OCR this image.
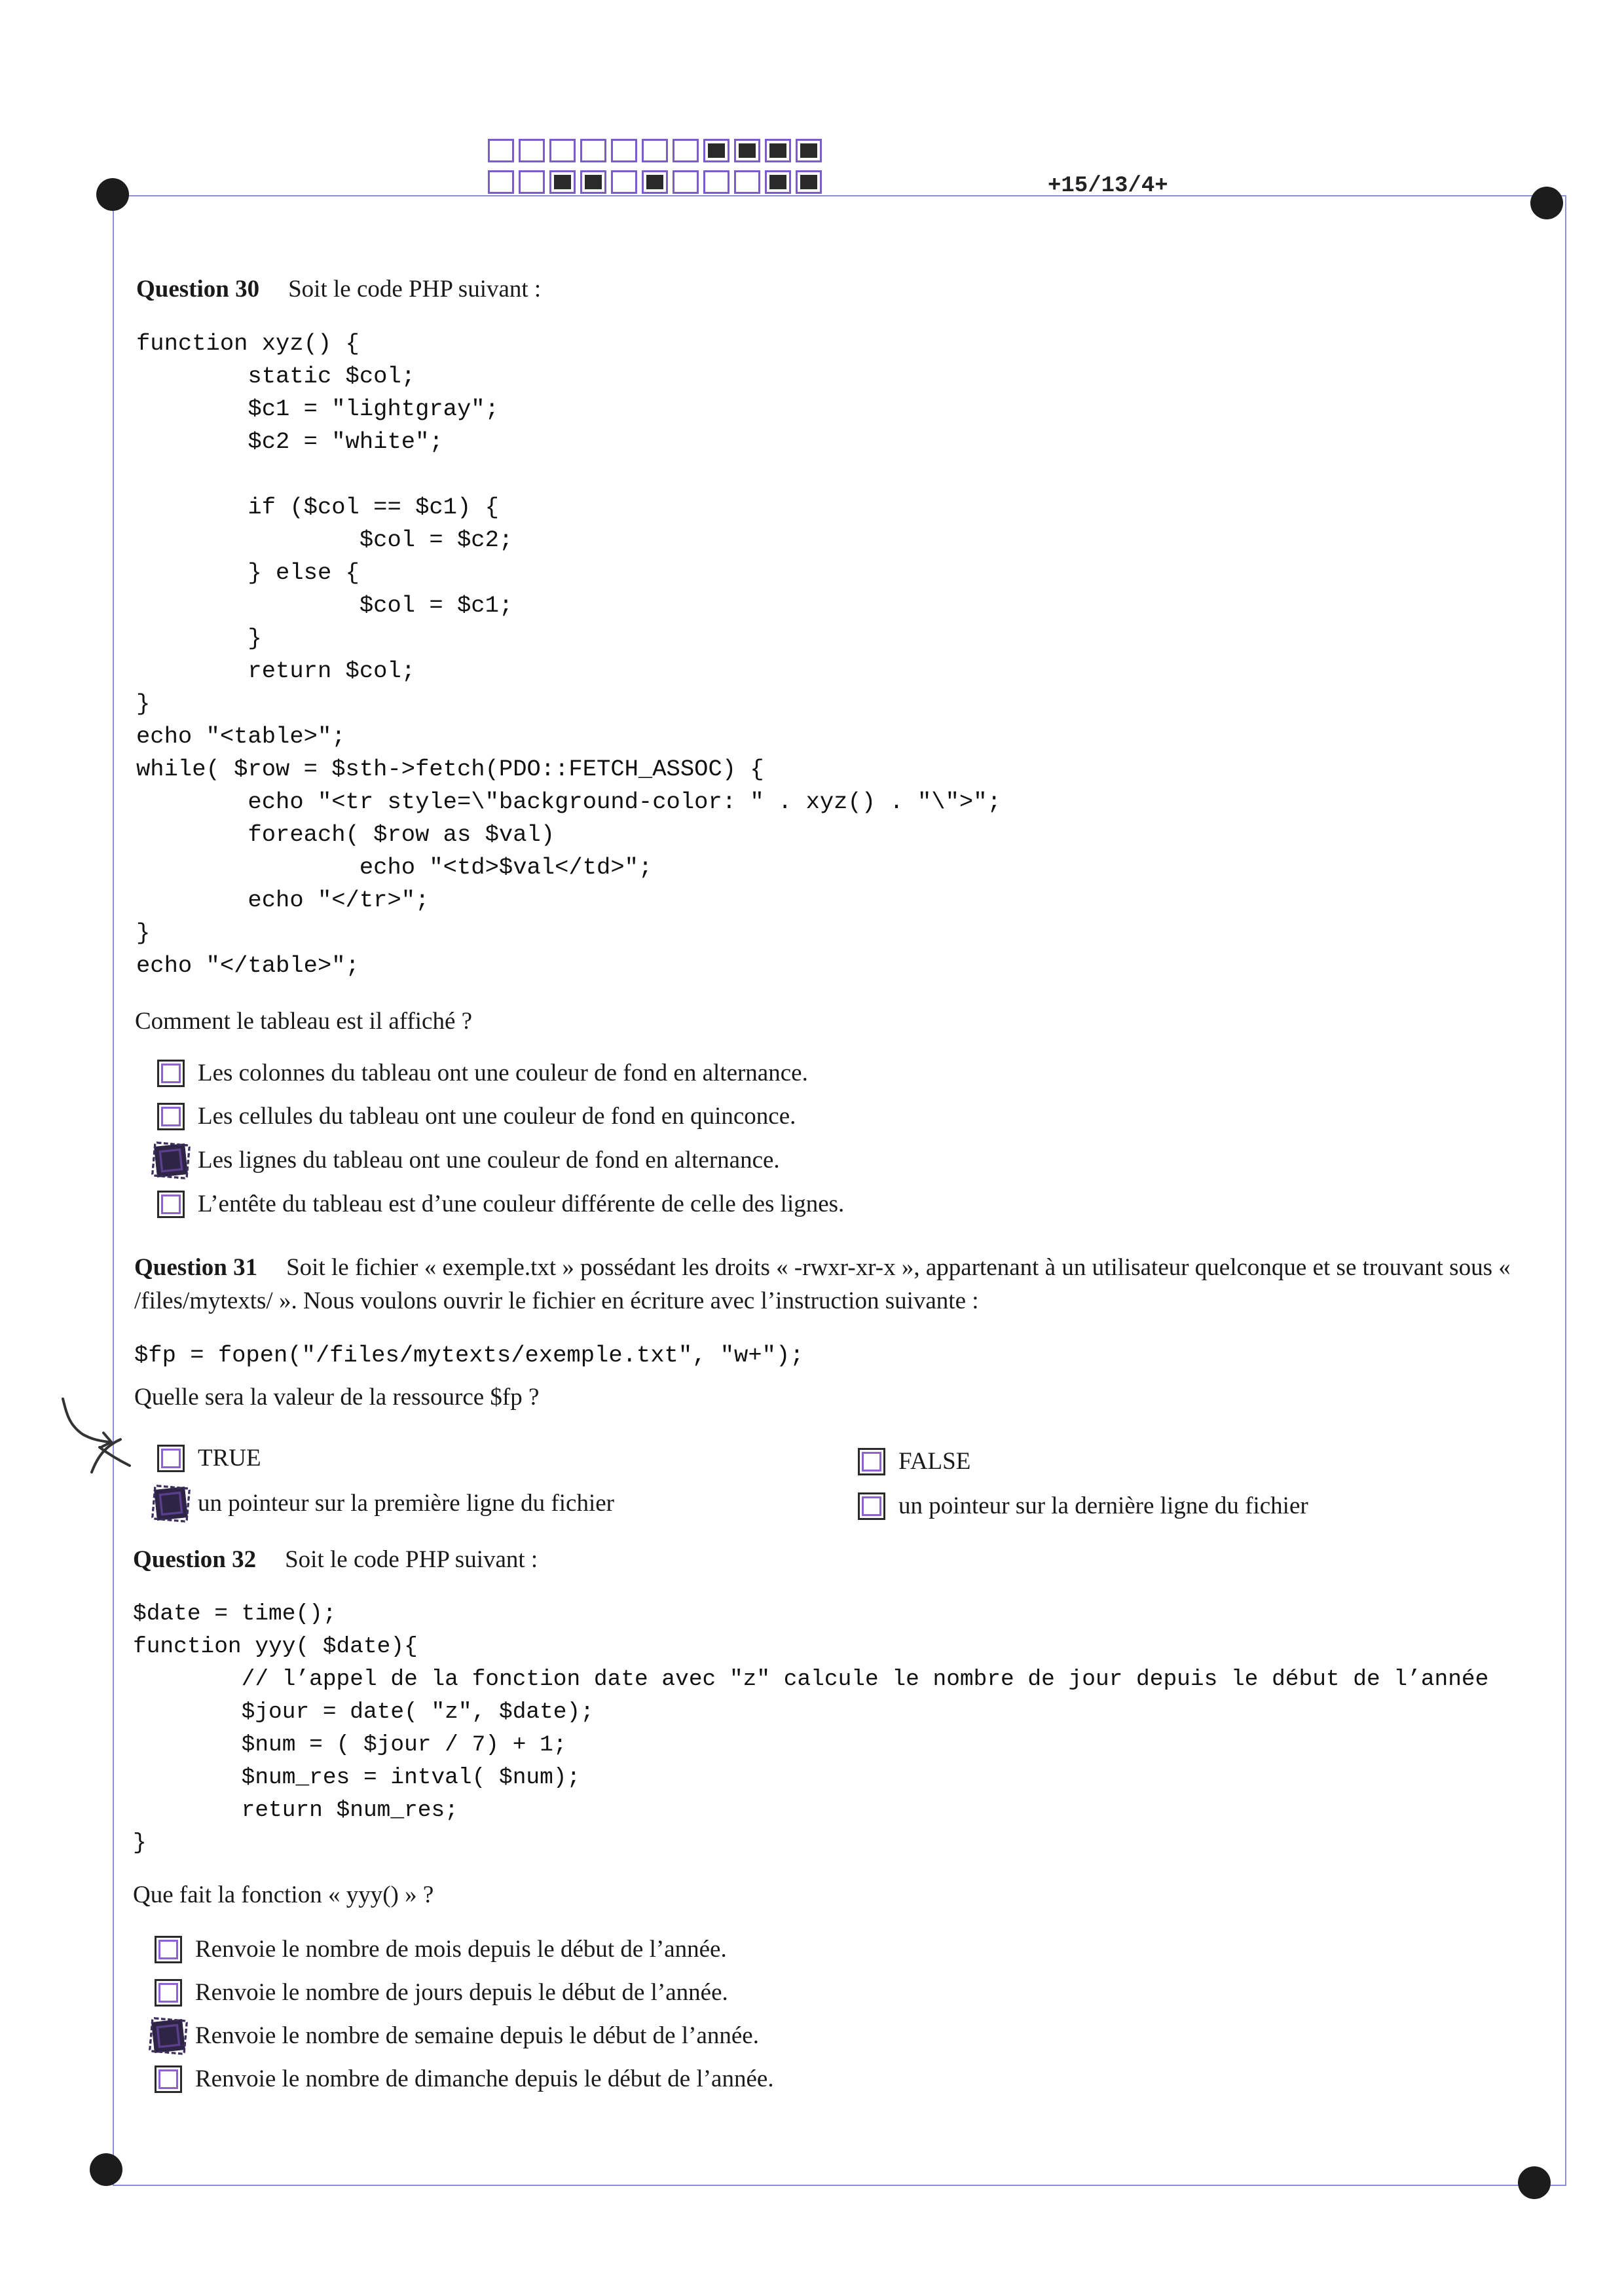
+15/13/4+
Question 30 Soit le code PHP suivant :
function xyz() {
static $col;
$c1 = "lightgray";
$c2 = "white";

if ($col == $c1) {
$col = $c2;
} else {
$col = $c1;
}
return $col;
}
echo "<table>";
while( $row = $sth->fetch(PDO::FETCH_ASSOC) {
echo "<tr style=\"background-color: " . xyz() . "\">";
foreach( $row as $val)
echo "<td>$val</td>";
echo "</tr>";
}
echo "</table>";
Comment le tableau est il affiché ?
Les colonnes du tableau ont une couleur de fond en alternance.
Les cellules du tableau ont une couleur de fond en quinconce.
Les lignes du tableau ont une couleur de fond en alternance.
L’entête du tableau est d’une couleur différente de celle des lignes.
Question 31 Soit le fichier « exemple.txt » possédant les droits « -rwxr-xr-x », appartenant à un utilisateur quelconque et se trouvant sous « /files/mytexts/ ». Nous voulons ouvrir le fichier en écriture avec l’instruction suivante :
$fp = fopen("/files/mytexts/exemple.txt", "w+");
Quelle sera la valeur de la ressource $fp ?
TRUE	FALSE
un pointeur sur la première ligne du fichier	un pointeur sur la dernière ligne du fichier
Question 32 Soit le code PHP suivant :
$date = time();
function yyy( $date){
// l’appel de la fonction date avec "z" calcule le nombre de jour depuis le début de l’année
$jour = date( "z", $date);
$num = ( $jour / 7) + 1;
$num_res = intval( $num);
return $num_res;
}
Que fait la fonction « yyy() » ?
Renvoie le nombre de mois depuis le début de l’année.
Renvoie le nombre de jours depuis le début de l’année.
Renvoie le nombre de semaine depuis le début de l’année.
Renvoie le nombre de dimanche depuis le début de l’année.
